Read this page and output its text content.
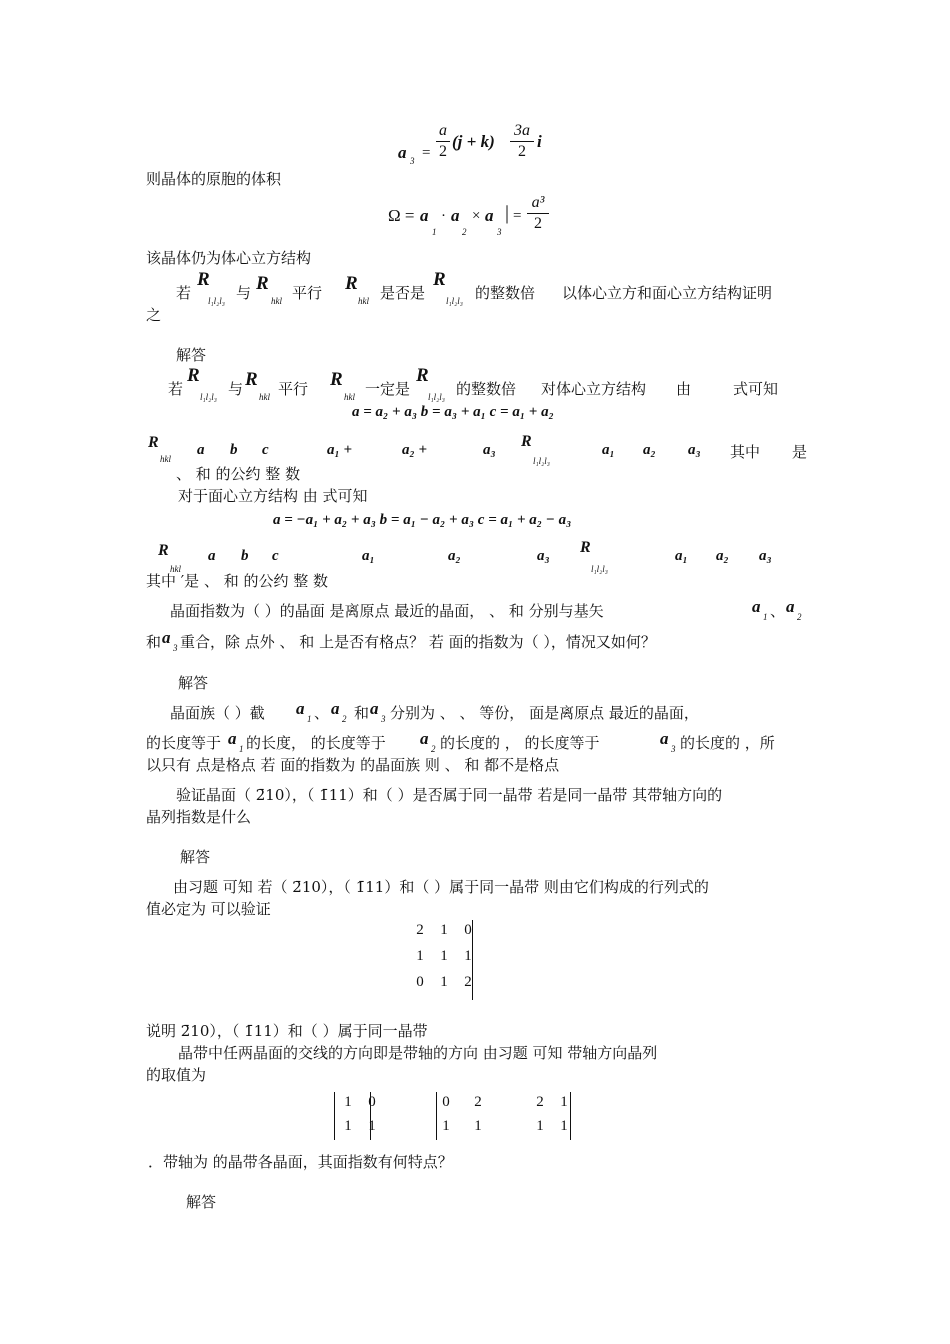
a 3 =
a
2
(j + k)
3a
2
i
则晶体的原胞的体积
Ω = a
1
· a
2
× a
3
| =
a³
2
该晶体仍为体心立方结构
若
R
l₁l₂l₃ 与 R
hkl 平行 R
hkl 是否是
R
l₁l₂l₃ 的整数倍 以体心立方和面心立方结构证明
之
解答
若
R
l₁l₂l₃ 与 R
hkl 平行 R
hkl 一定是
R
l₁l₂l₃ 的整数倍 对体心立方结构 由	式可知
a = a₂ + a₃ b = a₃ + a₁ c = a₁ + a₂
R
hkl
a b c	a₁ +	a₂ +	a₃ R
l₁l₂l₃
a₁ a₂ a₃ 其中 是
、 和 的公约 整 数
对于面心立方结构 由 式可知
a = −a₁ + a₂ + a₃ b = a₁ − a₂ + a₃ c = a₁ + a₂ − a₃
R
hkl
a b c	a₁	a₂	a₃ R
l₁l₂l₃
a₁ a₂ a₃
其中 ′是 、 和 的公约 整 数
晶面指数为（ ）的晶面 是离原点 最近的晶面， 、 和 分别与基矢	a
1 、 a
2
和 a
3 重合，除 点外 、 和 上是否有格点？ 若 面的指数为（ ），情况又如何？
解答
晶面族（ ）截 a
1 、 a
2 和 a
3 分别为 、 、 等份， 面是离原点 最近的晶面，
的长度等于 a
1 的长度， 的长度等于 a
2 的长度的 ， 的长度等于	a
3 的长度的 ，所
以只有 点是格点 若 面的指数为 的晶面族 则 、 和 都不是格点
验证晶面（ 2̄10），（ 1̄11）和（ ）是否属于同一晶带 若是同一晶带 其带轴方向的
晶列指数是什么
解答
由习题 可知 若（ 2̄10），（ 1̄11）和（ ）属于同一晶带 则由它们构成的行列式的
值必定为 可以验证
2 1 0
1 1 1
0 1 2
说明 2̄10），（ 1̄11）和（ ）属于同一晶带
晶带中任两晶面的交线的方向即是带轴的方向 由习题 可知 带轴方向晶列
的取值为
1 0
1 1
0 2
1 1
2 1
1 1
．带轴为 的晶带各晶面，其面指数有何特点？
解答
